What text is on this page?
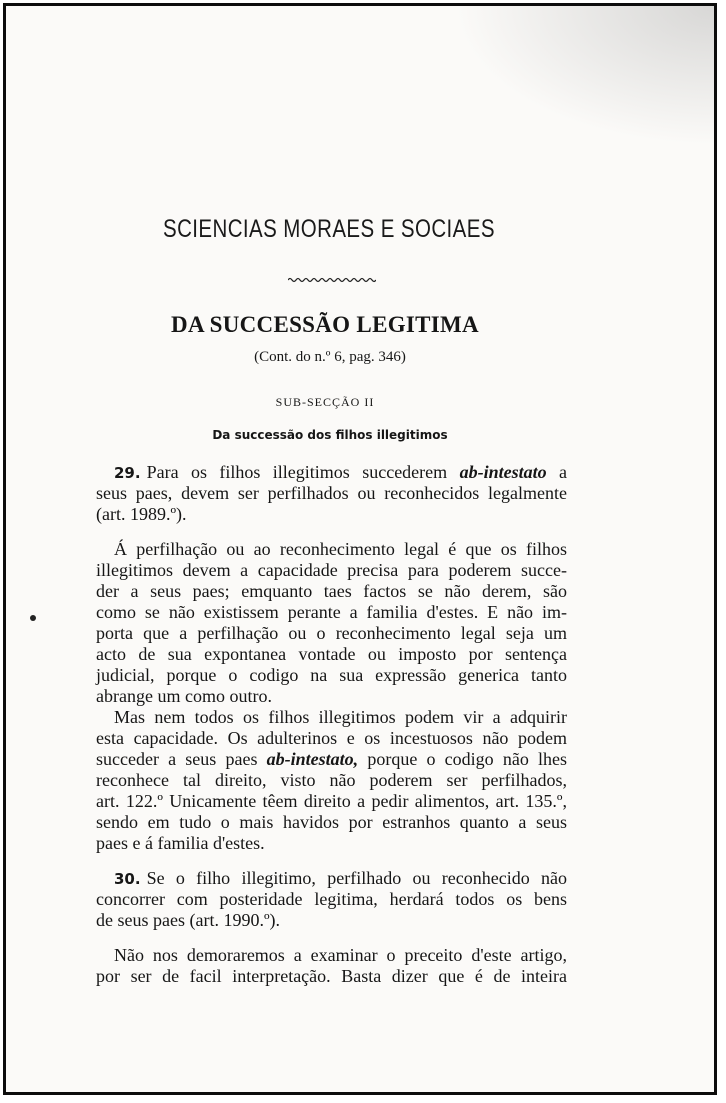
SCIENCIAS MORAES E SOCIAES
DA SUCCESSÃO LEGITIMA
(Cont. do n.º 6, pag. 346)
SUB-SECÇÃO II
Da successão dos filhos illegitimos
29. Para os filhos illegitimos succederem ab-intestato a
seus paes, devem ser perfilhados ou reconhecidos legalmente
(art. 1989.º).
Á perfilhação ou ao reconhecimento legal é que os filhos
illegitimos devem a capacidade precisa para poderem succe-
der a seus paes; emquanto taes factos se não derem, são
como se não existissem perante a familia d'estes. E não im-
porta que a perfilhação ou o reconhecimento legal seja um
acto de sua expontanea vontade ou imposto por sentença
judicial, porque o codigo na sua expressão generica tanto
abrange um como outro.
Mas nem todos os filhos illegitimos podem vir a adquirir
esta capacidade. Os adulterinos e os incestuosos não podem
succeder a seus paes ab-intestato, porque o codigo não lhes
reconhece tal direito, visto não poderem ser perfilhados,
art. 122.º Unicamente têem direito a pedir alimentos, art. 135.º,
sendo em tudo o mais havidos por estranhos quanto a seus
paes e á familia d'estes.
30. Se o filho illegitimo, perfilhado ou reconhecido não
concorrer com posteridade legitima, herdará todos os bens
de seus paes (art. 1990.º).
Não nos demoraremos a examinar o preceito d'este artigo,
por ser de facil interpretação. Basta dizer que é de inteira
